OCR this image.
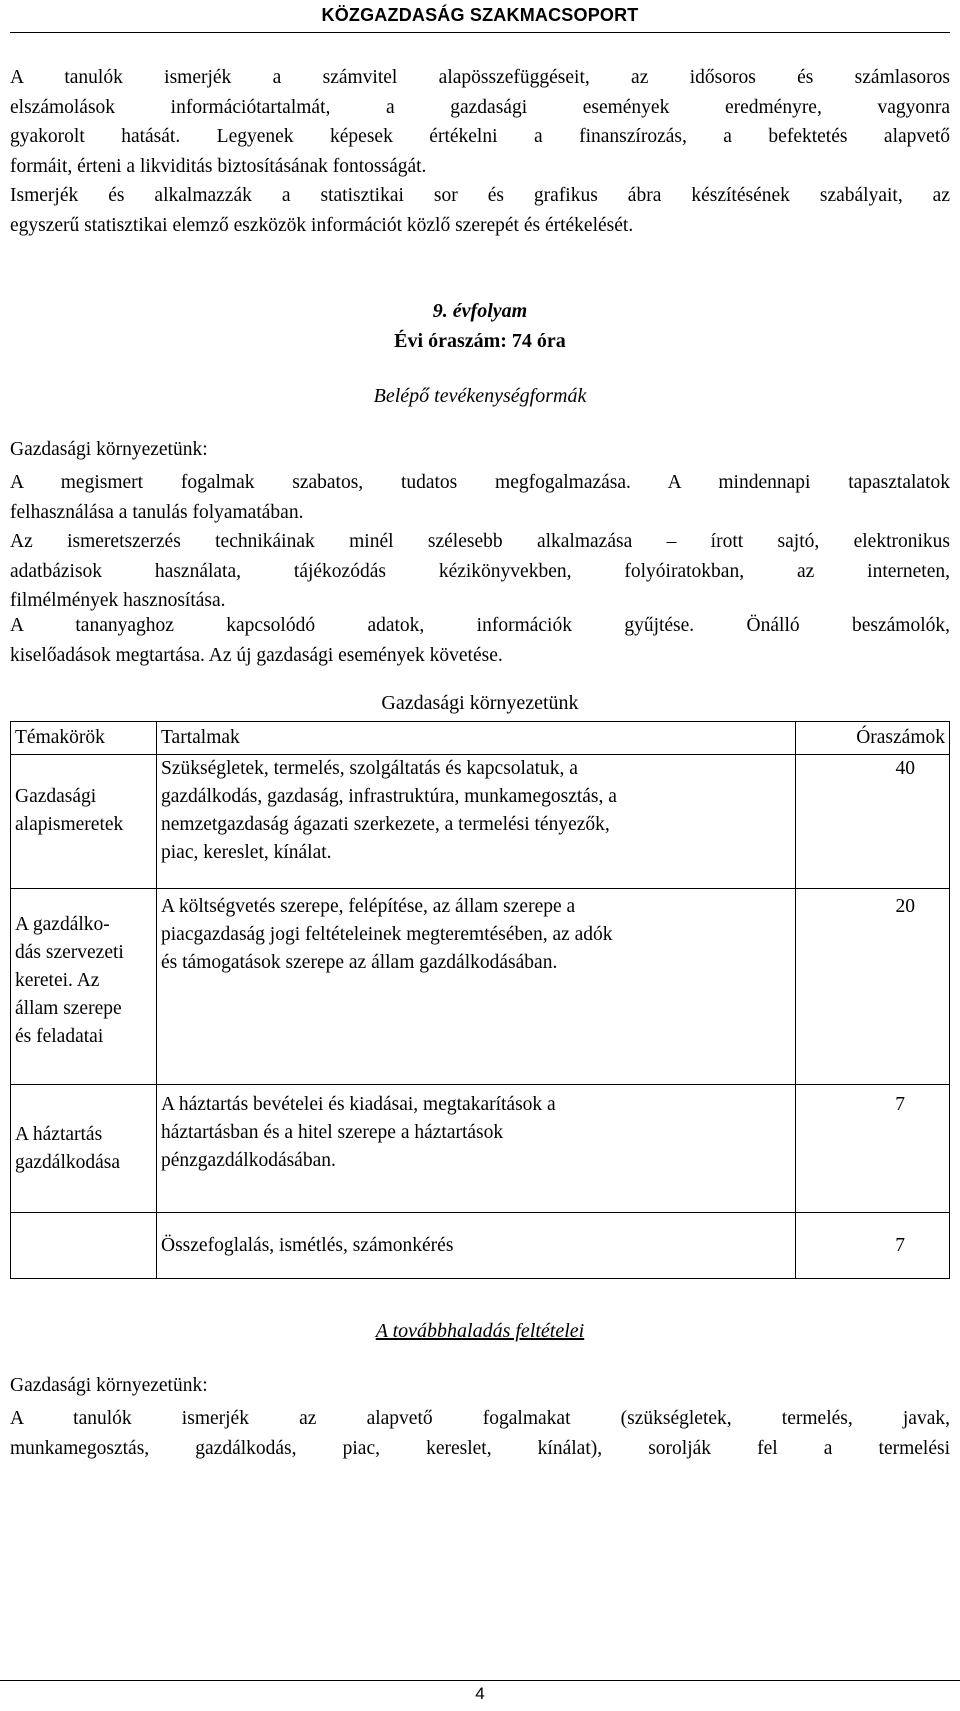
KÖZGAZDASÁG SZAKMACSOPORT
A tanulók ismerjék a számvitel alapösszefüggéseit, az idősoros és számlasoros
elszámolások információtartalmát, a gazdasági események eredményre, vagyonra
gyakorolt hatását. Legyenek képesek értékelni a finanszírozás, a befektetés alapvető
formáit, érteni a likviditás biztosításának fontosságát.
Ismerjék és alkalmazzák a statisztikai sor és grafikus ábra készítésének szabályait, az
egyszerű statisztikai elemző eszközök információt közlő szerepét és értékelését.
9. évfolyam
Évi óraszám: 74 óra
Belépő tevékenységformák
Gazdasági környezetünk:
A megismert fogalmak szabatos, tudatos megfogalmazása. A mindennapi tapasztalatok
felhasználása a tanulás folyamatában.
Az ismeretszerzés technikáinak minél szélesebb alkalmazása – írott sajtó, elektronikus
adatbázisok használata, tájékozódás kézikönyvekben, folyóiratokban, az interneten,
filmélmények hasznosítása.
A tananyaghoz kapcsolódó adatok, információk gyűjtése. Önálló beszámolók,
kiselőadások megtartása. Az új gazdasági események követése.
Gazdasági környezetünk
Témakörök	Tartalmak	Óraszámok

Gazdasági
alapismeretek	Szükségletek, termelés, szolgáltatás és kapcsolatuk, a
gazdálkodás, gazdaság, infrastruktúra, munkamegosztás, a
nemzetgazdaság ágazati szerkezete, a termelési tényezők,
piac, kereslet, kínálat.	40

A gazdálko-
dás szervezeti
keretei. Az
állam szerepe
és feladatai	A költségvetés szerepe, felépítése, az állam szerepe a
piacgazdaság jogi feltételeinek megteremtésében, az adók
és támogatások szerepe az állam gazdálkodásában.	20

A háztartás
gazdálkodása	A háztartás bevételei és kiadásai, megtakarítások a
háztartásban és a hitel szerepe a háztartások
pénzgazdálkodásában.	7

	Összefoglalás, ismétlés, számonkérés	7
A továbbhaladás feltételei
Gazdasági környezetünk:
A tanulók ismerjék az alapvető fogalmakat (szükségletek, termelés, javak,
munkamegosztás, gazdálkodás, piac, kereslet, kínálat), sorolják fel a termelési
4
